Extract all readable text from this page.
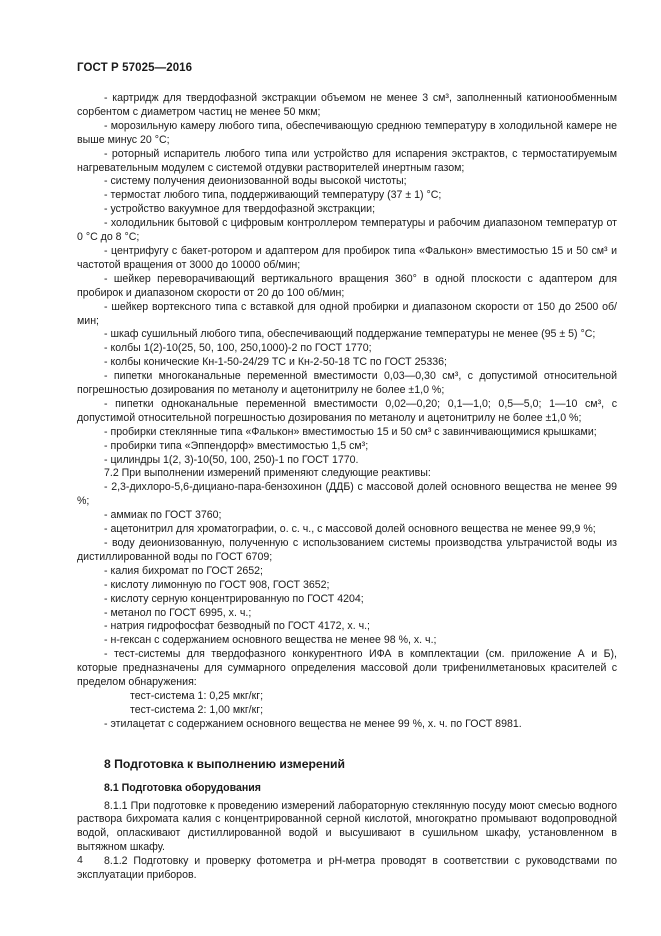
ГОСТ Р 57025—2016

- картридж для твердофазной экстракции объемом не менее 3 см³, заполненный катионообменным сорбентом с диаметром частиц не менее 50 мкм;

- морозильную камеру любого типа, обеспечивающую среднюю температуру в холодильной камере не выше минус 20 °С;

- роторный испаритель любого типа или устройство для испарения экстрактов, с термостатируемым нагревательным модулем с системой отдувки растворителей инертным газом;

- систему получения деионизованной воды высокой чистоты;

- термостат любого типа, поддерживающий температуру (37 ± 1) °С;

- устройство вакуумное для твердофазной экстракции;

- холодильник бытовой с цифровым контроллером температуры и рабочим диапазоном температур от 0 °С до 8 °С;

- центрифугу с бакет-ротором и адаптером для пробирок типа «Фалькон» вместимостью 15 и 50 см³ и частотой вращения от 3000 до 10000 об/мин;

- шейкер переворачивающий вертикального вращения 360° в одной плоскости с адаптером для пробирок и диапазоном скорости от 20 до 100 об/мин;

- шейкер вортексного типа с вставкой для одной пробирки и диапазоном скорости от 150 до 2500 об/мин;

- шкаф сушильный любого типа, обеспечивающий поддержание температуры не менее (95 ± 5) °С;

- колбы 1(2)-10(25, 50, 100, 250,1000)-2 по ГОСТ 1770;

- колбы конические Кн-1-50-24/29 ТС и Кн-2-50-18 ТС по ГОСТ 25336;

- пипетки многоканальные переменной вместимости 0,03—0,30 см³, с допустимой относительной погрешностью дозирования по метанолу и ацетонитрилу не более ±1,0 %;

- пипетки одноканальные переменной вместимости 0,02—0,20; 0,1—1,0; 0,5—5,0; 1—10 см³, с допустимой относительной погрешностью дозирования по метанолу и ацетонитрилу не более ±1,0 %;

- пробирки стеклянные типа «Фалькон» вместимостью 15 и 50 см³ с завинчивающимися крышками;

- пробирки типа «Эппендорф» вместимостью 1,5 см³;

- цилиндры 1(2, 3)-10(50, 100, 250)-1 по ГОСТ 1770.

7.2 При выполнении измерений применяют следующие реактивы:

- 2,3-дихлоро-5,6-дициано-пара-бензохинон (ДДБ) с массовой долей основного вещества не менее 99 %;

- аммиак по ГОСТ 3760;

- ацетонитрил для хроматографии, о. с. ч., с массовой долей основного вещества не менее 99,9 %;

- воду деионизованную, полученную с использованием системы производства ультрачистой воды из дистиллированной воды по ГОСТ 6709;

- калия бихромат по ГОСТ 2652;

- кислоту лимонную по ГОСТ 908, ГОСТ 3652;

- кислоту серную концентрированную по ГОСТ 4204;

- метанол по ГОСТ 6995, х. ч.;

- натрия гидрофосфат безводный по ГОСТ 4172, х. ч.;

- н-гексан с содержанием основного вещества не менее 98 %, х. ч.;

- тест-системы для твердофазного конкурентного ИФА в комплектации (см. приложение А и Б), которые предназначены для суммарного определения массовой доли трифенилметановых красителей с пределом обнаружения:

тест-система 1: 0,25 мкг/кг;

тест-система 2: 1,00 мкг/кг;

- этилацетат с содержанием основного вещества не менее 99 %, х. ч. по ГОСТ 8981.

8 Подготовка к выполнению измерений
8.1 Подготовка оборудования

8.1.1 При подготовке к проведению измерений лабораторную стеклянную посуду моют смесью водного раствора бихромата калия с концентрированной серной кислотой, многократно промывают водопроводной водой, опласкивают дистиллированной водой и высушивают в сушильном шкафу, установленном в вытяжном шкафу.

8.1.2 Подготовку и проверку фотометра и pH-метра проводят в соответствии с руководствами по эксплуатации приборов.

4
